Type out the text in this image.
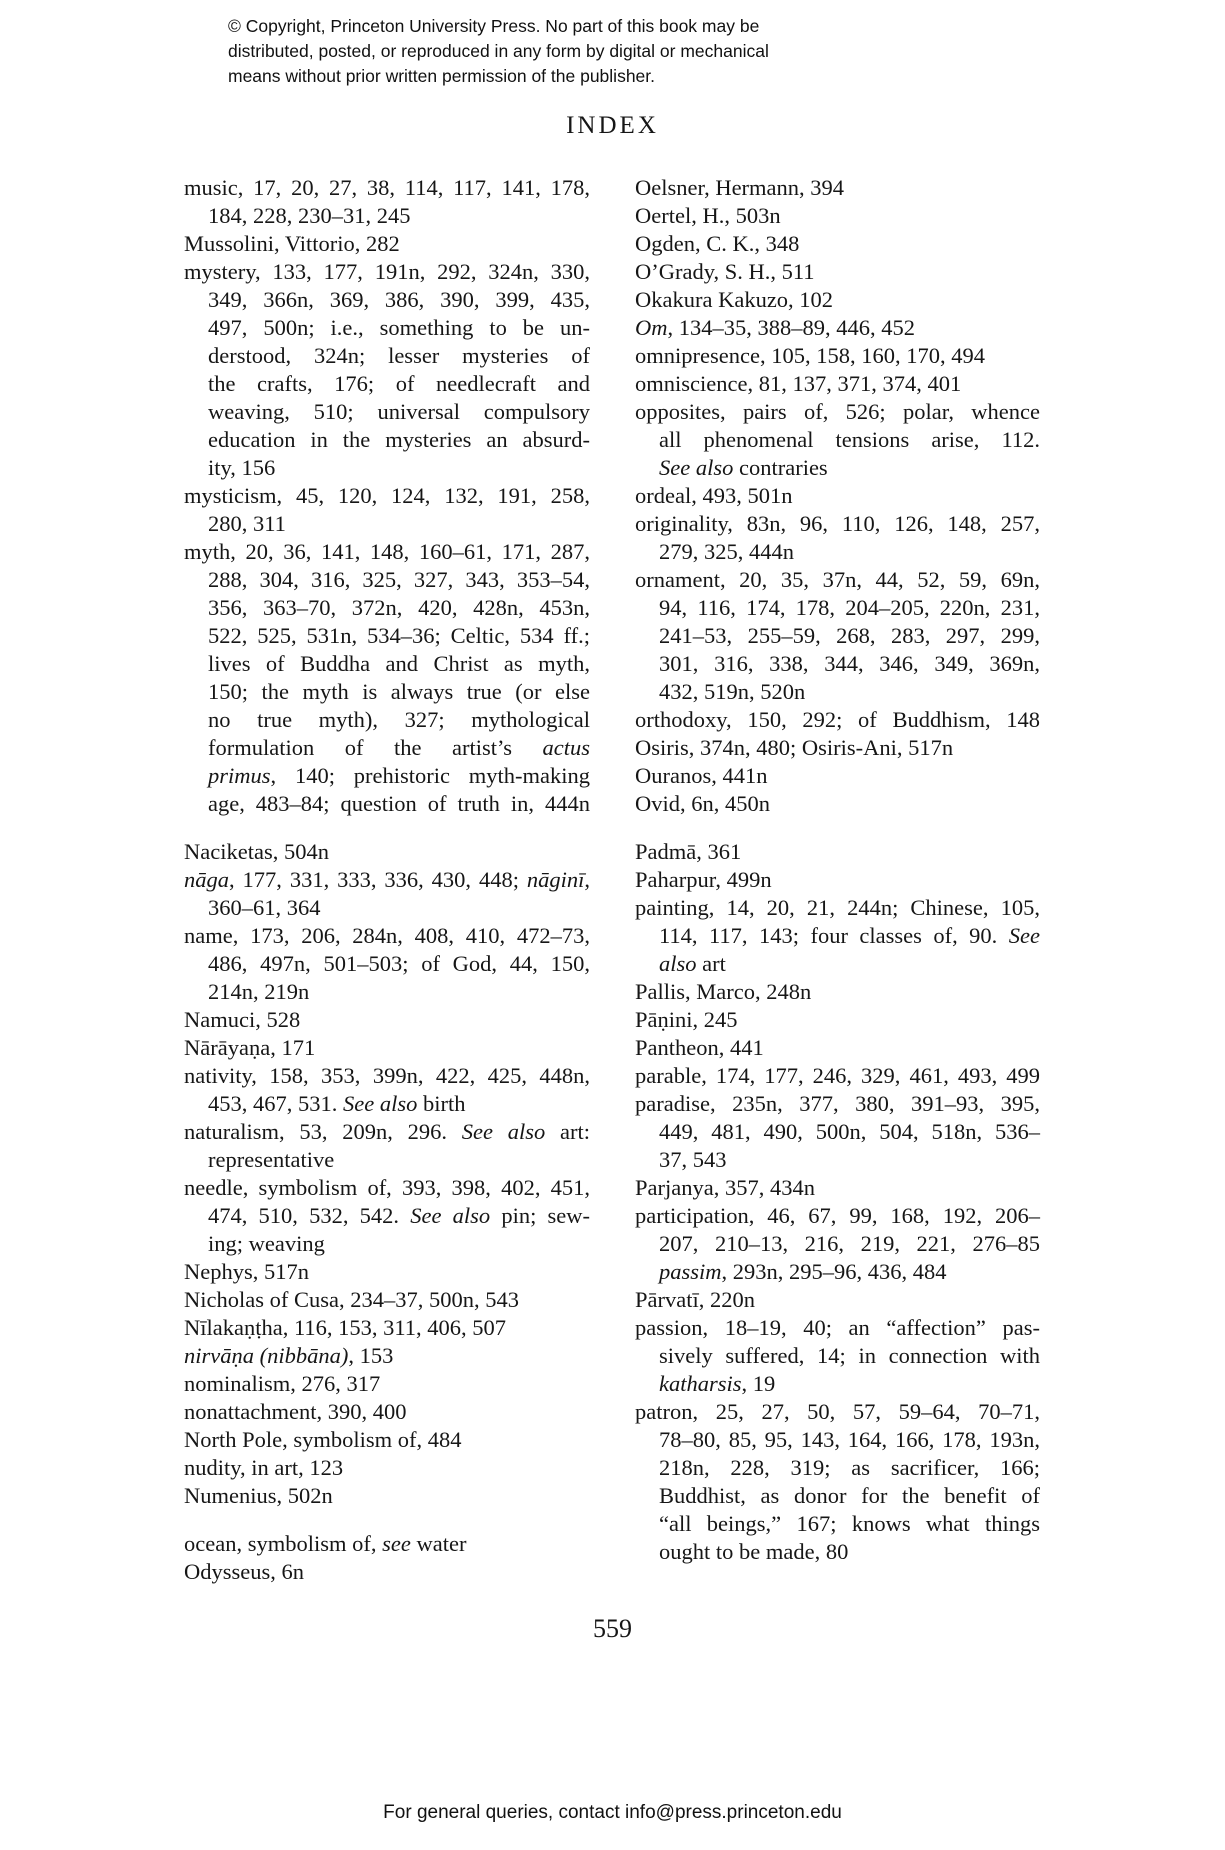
© Copyright, Princeton University Press. No part of this book may be
distributed, posted, or reproduced in any form by digital or mechanical
means without prior written permission of the publisher.
INDEX
music, 17, 20, 27, 38, 114, 117, 141, 178,
184, 228, 230–31, 245
Mussolini, Vittorio, 282
mystery, 133, 177, 191n, 292, 324n, 330,
349, 366n, 369, 386, 390, 399, 435,
497, 500n; i.e., something to be un-
derstood, 324n; lesser mysteries of
the crafts, 176; of needlecraft and
weaving, 510; universal compulsory
education in the mysteries an absurd-
ity, 156
mysticism, 45, 120, 124, 132, 191, 258,
280, 311
myth, 20, 36, 141, 148, 160–61, 171, 287,
288, 304, 316, 325, 327, 343, 353–54,
356, 363–70, 372n, 420, 428n, 453n,
522, 525, 531n, 534–36; Celtic, 534 ff.;
lives of Buddha and Christ as myth,
150; the myth is always true (or else
no true myth), 327; mythological
formulation of the artist’s actus
primus, 140; prehistoric myth-making
age, 483–84; question of truth in, 444n
Naciketas, 504n
nāga, 177, 331, 333, 336, 430, 448; nāginī,
360–61, 364
name, 173, 206, 284n, 408, 410, 472–73,
486, 497n, 501–503; of God, 44, 150,
214n, 219n
Namuci, 528
Nārāyaṇa, 171
nativity, 158, 353, 399n, 422, 425, 448n,
453, 467, 531. See also birth
naturalism, 53, 209n, 296. See also art:
representative
needle, symbolism of, 393, 398, 402, 451,
474, 510, 532, 542. See also pin; sew-
ing; weaving
Nephys, 517n
Nicholas of Cusa, 234–37, 500n, 543
Nīlakaṇṭha, 116, 153, 311, 406, 507
nirvāṇa (nibbāna), 153
nominalism, 276, 317
nonattachment, 390, 400
North Pole, symbolism of, 484
nudity, in art, 123
Numenius, 502n
ocean, symbolism of, see water
Odysseus, 6n
Oelsner, Hermann, 394
Oertel, H., 503n
Ogden, C. K., 348
O’Grady, S. H., 511
Okakura Kakuzo, 102
Om, 134–35, 388–89, 446, 452
omnipresence, 105, 158, 160, 170, 494
omniscience, 81, 137, 371, 374, 401
opposites, pairs of, 526; polar, whence
all phenomenal tensions arise, 112.
See also contraries
ordeal, 493, 501n
originality, 83n, 96, 110, 126, 148, 257,
279, 325, 444n
ornament, 20, 35, 37n, 44, 52, 59, 69n,
94, 116, 174, 178, 204–205, 220n, 231,
241–53, 255–59, 268, 283, 297, 299,
301, 316, 338, 344, 346, 349, 369n,
432, 519n, 520n
orthodoxy, 150, 292; of Buddhism, 148
Osiris, 374n, 480; Osiris-Ani, 517n
Ouranos, 441n
Ovid, 6n, 450n
Padmā, 361
Paharpur, 499n
painting, 14, 20, 21, 244n; Chinese, 105,
114, 117, 143; four classes of, 90. See
also art
Pallis, Marco, 248n
Pāṇini, 245
Pantheon, 441
parable, 174, 177, 246, 329, 461, 493, 499
paradise, 235n, 377, 380, 391–93, 395,
449, 481, 490, 500n, 504, 518n, 536–
37, 543
Parjanya, 357, 434n
participation, 46, 67, 99, 168, 192, 206–
207, 210–13, 216, 219, 221, 276–85
passim, 293n, 295–96, 436, 484
Pārvatī, 220n
passion, 18–19, 40; an “affection” pas-
sively suffered, 14; in connection with
katharsis, 19
patron, 25, 27, 50, 57, 59–64, 70–71,
78–80, 85, 95, 143, 164, 166, 178, 193n,
218n, 228, 319; as sacrificer, 166;
Buddhist, as donor for the benefit of
“all beings,” 167; knows what things
ought to be made, 80
559
For general queries, contact info@press.princeton.edu
